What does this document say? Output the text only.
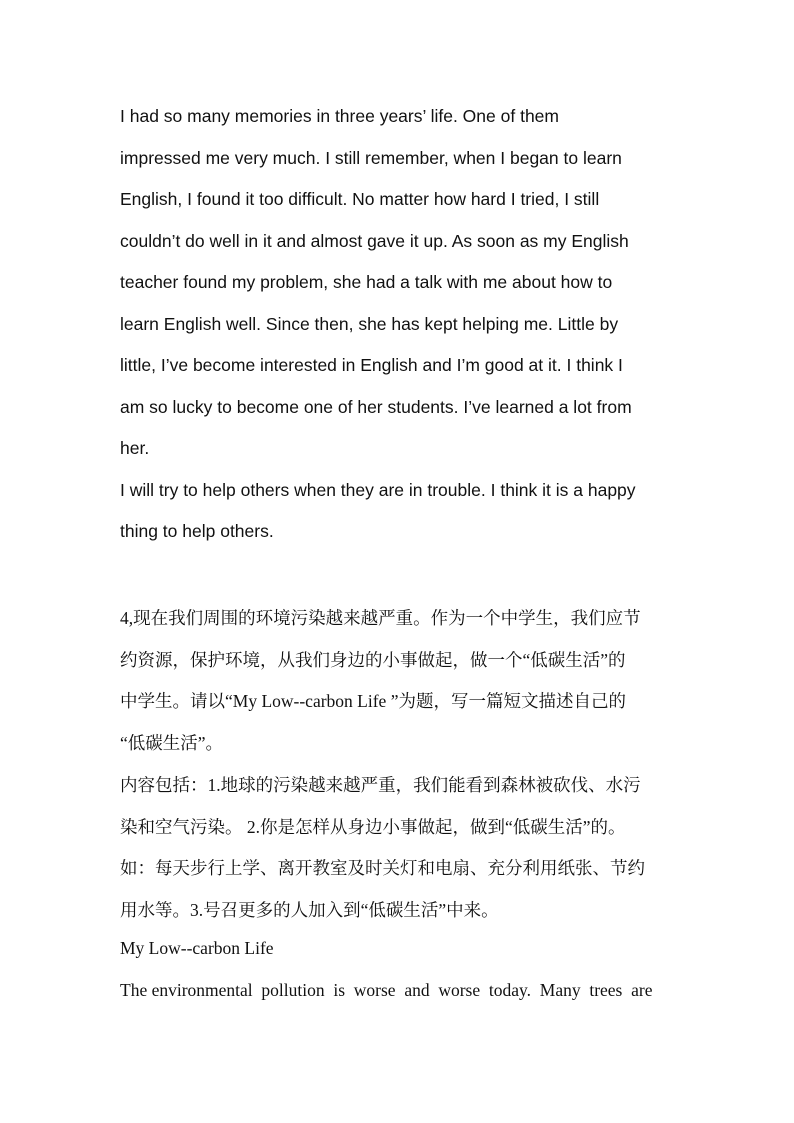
I had so many memories in three years’ life. One of them
impressed me very much. I still remember, when I began to learn
English, I found it too difficult. No matter how hard I tried, I still
couldn’t do well in it and almost gave it up. As soon as my English
teacher found my problem, she had a talk with me about how to
learn English well. Since then, she has kept helping me. Little by
little, I’ve become interested in English and I’m good at it. I think I
am so lucky to become one of her students. I’ve learned a lot from
her.
I will try to help others when they are in trouble. I think it is a happy
thing to help others.
4,现在我们周围的环境污染越来越严重。作为一个中学生，我们应节
约资源，保护环境，从我们身边的小事做起，做一个“低碳生活”的
中学生。请以“My Low--carbon Life ”为题，写一篇短文描述自己的
“低碳生活”。
内容包括：1.地球的污染越来越严重，我们能看到森林被砍伐、水污
染和空气污染。 2.你是怎样从身边小事做起，做到“低碳生活”的。
如：每天步行上学、离开教室及时关灯和电扇、充分利用纸张、节约
用水等。3.号召更多的人加入到“低碳生活”中来。
My Low--carbon Life
The environmental  pollution  is  worse  and  worse  today.  Many  trees  are
